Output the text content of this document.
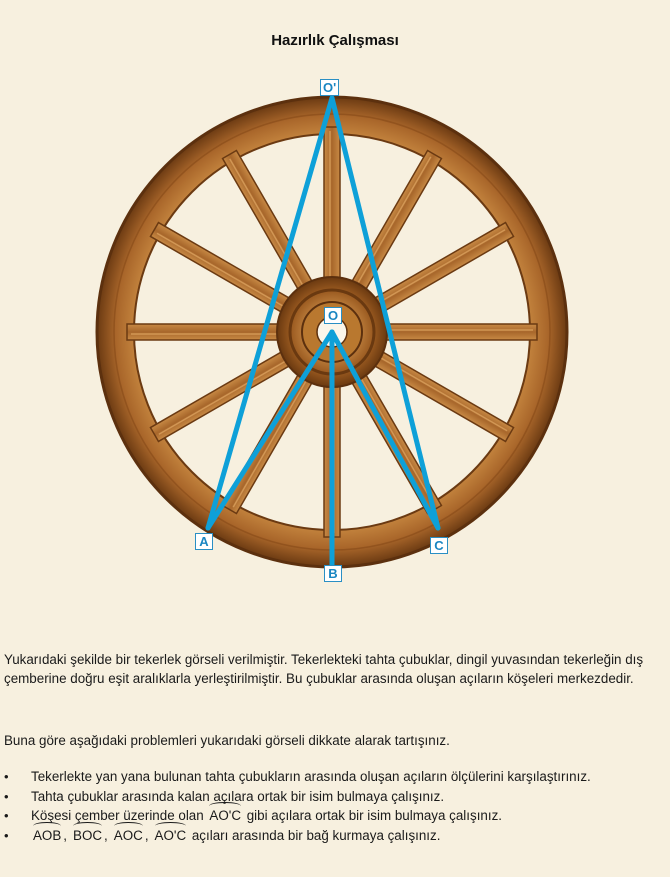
Hazırlık Çalışması
O'
O
A
B
C
Yukarıdaki şekilde bir tekerlek görseli verilmiştir. Tekerlekteki tahta çubuklar, dingil yuvasından tekerleğin dış çemberine doğru eşit aralıklarla yerleştirilmiştir. Bu çubuklar arasında oluşan açıların köşeleri merkezdedir.
Buna göre aşağıdaki problemleri yukarıdaki görseli dikkate alarak tartışınız.
• Tekerlekte yan yana bulunan tahta çubukların arasında oluşan açıların ölçülerini karşılaştırınız.
• Tahta çubuklar arasında kalan açılara ortak bir isim bulmaya çalışınız.
• Köşesi çember üzerinde olan AO'C gibi açılara ortak bir isim bulmaya çalışınız.
• AOB , BOC , AOC , AO'C açıları arasında bir bağ kurmaya çalışınız.
